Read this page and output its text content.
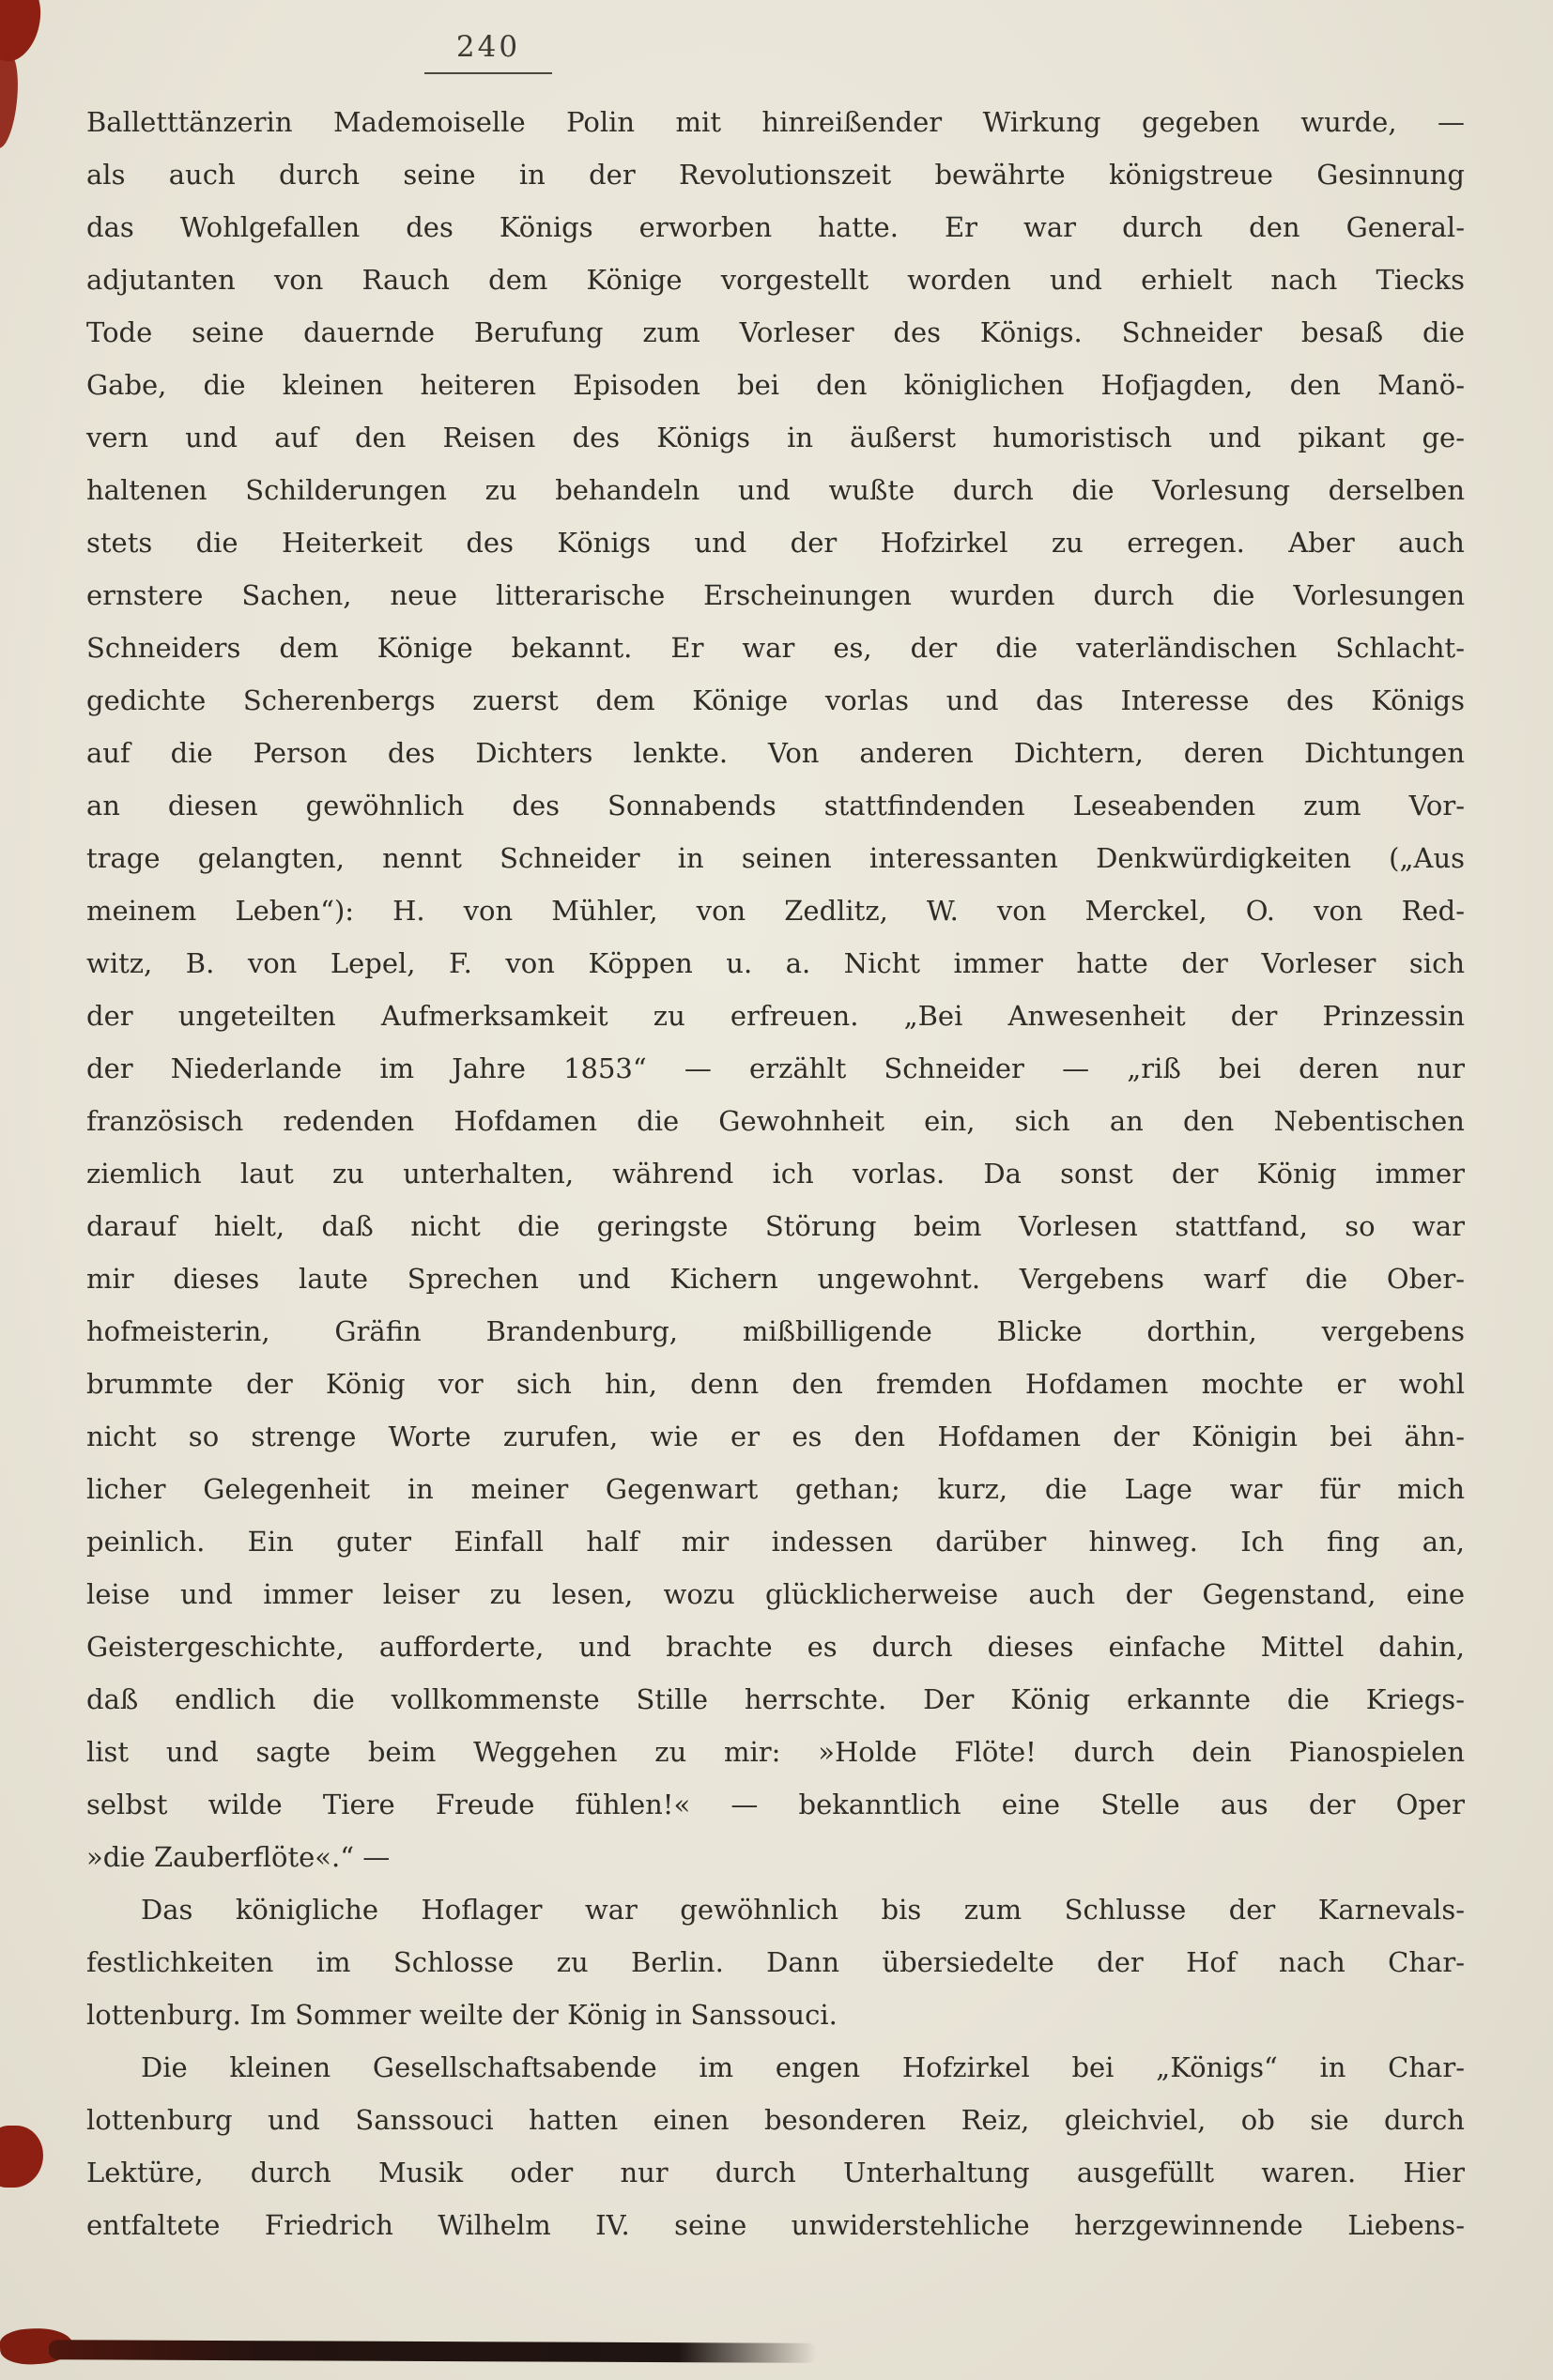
240
Balletttänzerin Mademoiselle Polin mit hinreißender Wirkung gegeben wurde, —
als auch durch seine in der Revolutionszeit bewährte königstreue Gesinnung
das Wohlgefallen des Königs erworben hatte. Er war durch den General-
adjutanten von Rauch dem Könige vorgestellt worden und erhielt nach Tiecks
Tode seine dauernde Berufung zum Vorleser des Königs. Schneider besaß die
Gabe, die kleinen heiteren Episoden bei den königlichen Hofjagden, den Manö-
vern und auf den Reisen des Königs in äußerst humoristisch und pikant ge-
haltenen Schilderungen zu behandeln und wußte durch die Vorlesung derselben
stets die Heiterkeit des Königs und der Hofzirkel zu erregen. Aber auch
ernstere Sachen, neue litterarische Erscheinungen wurden durch die Vorlesungen
Schneiders dem Könige bekannt. Er war es, der die vaterländischen Schlacht-
gedichte Scherenbergs zuerst dem Könige vorlas und das Interesse des Königs
auf die Person des Dichters lenkte. Von anderen Dichtern, deren Dichtungen
an diesen gewöhnlich des Sonnabends stattfindenden Leseabenden zum Vor-
trage gelangten, nennt Schneider in seinen interessanten Denkwürdigkeiten („Aus
meinem Leben“): H. von Mühler, von Zedlitz, W. von Merckel, O. von Red-
witz, B. von Lepel, F. von Köppen u. a. Nicht immer hatte der Vorleser sich
der ungeteilten Aufmerksamkeit zu erfreuen. „Bei Anwesenheit der Prinzessin
der Niederlande im Jahre 1853“ — erzählt Schneider — „riß bei deren nur
französisch redenden Hofdamen die Gewohnheit ein, sich an den Nebentischen
ziemlich laut zu unterhalten, während ich vorlas. Da sonst der König immer
darauf hielt, daß nicht die geringste Störung beim Vorlesen stattfand, so war
mir dieses laute Sprechen und Kichern ungewohnt. Vergebens warf die Ober-
hofmeisterin, Gräfin Brandenburg, mißbilligende Blicke dorthin, vergebens
brummte der König vor sich hin, denn den fremden Hofdamen mochte er wohl
nicht so strenge Worte zurufen, wie er es den Hofdamen der Königin bei ähn-
licher Gelegenheit in meiner Gegenwart gethan; kurz, die Lage war für mich
peinlich. Ein guter Einfall half mir indessen darüber hinweg. Ich fing an,
leise und immer leiser zu lesen, wozu glücklicherweise auch der Gegenstand, eine
Geistergeschichte, aufforderte, und brachte es durch dieses einfache Mittel dahin,
daß endlich die vollkommenste Stille herrschte. Der König erkannte die Kriegs-
list und sagte beim Weggehen zu mir: »Holde Flöte! durch dein Pianospielen
selbst wilde Tiere Freude fühlen!« — bekanntlich eine Stelle aus der Oper
»die Zauberflöte«.“ —
Das königliche Hoflager war gewöhnlich bis zum Schlusse der Karnevals-
festlichkeiten im Schlosse zu Berlin. Dann übersiedelte der Hof nach Char-
lottenburg. Im Sommer weilte der König in Sanssouci.
Die kleinen Gesellschaftsabende im engen Hofzirkel bei „Königs“ in Char-
lottenburg und Sanssouci hatten einen besonderen Reiz, gleichviel, ob sie durch
Lektüre, durch Musik oder nur durch Unterhaltung ausgefüllt waren. Hier
entfaltete Friedrich Wilhelm IV. seine unwiderstehliche herzgewinnende Liebens-
